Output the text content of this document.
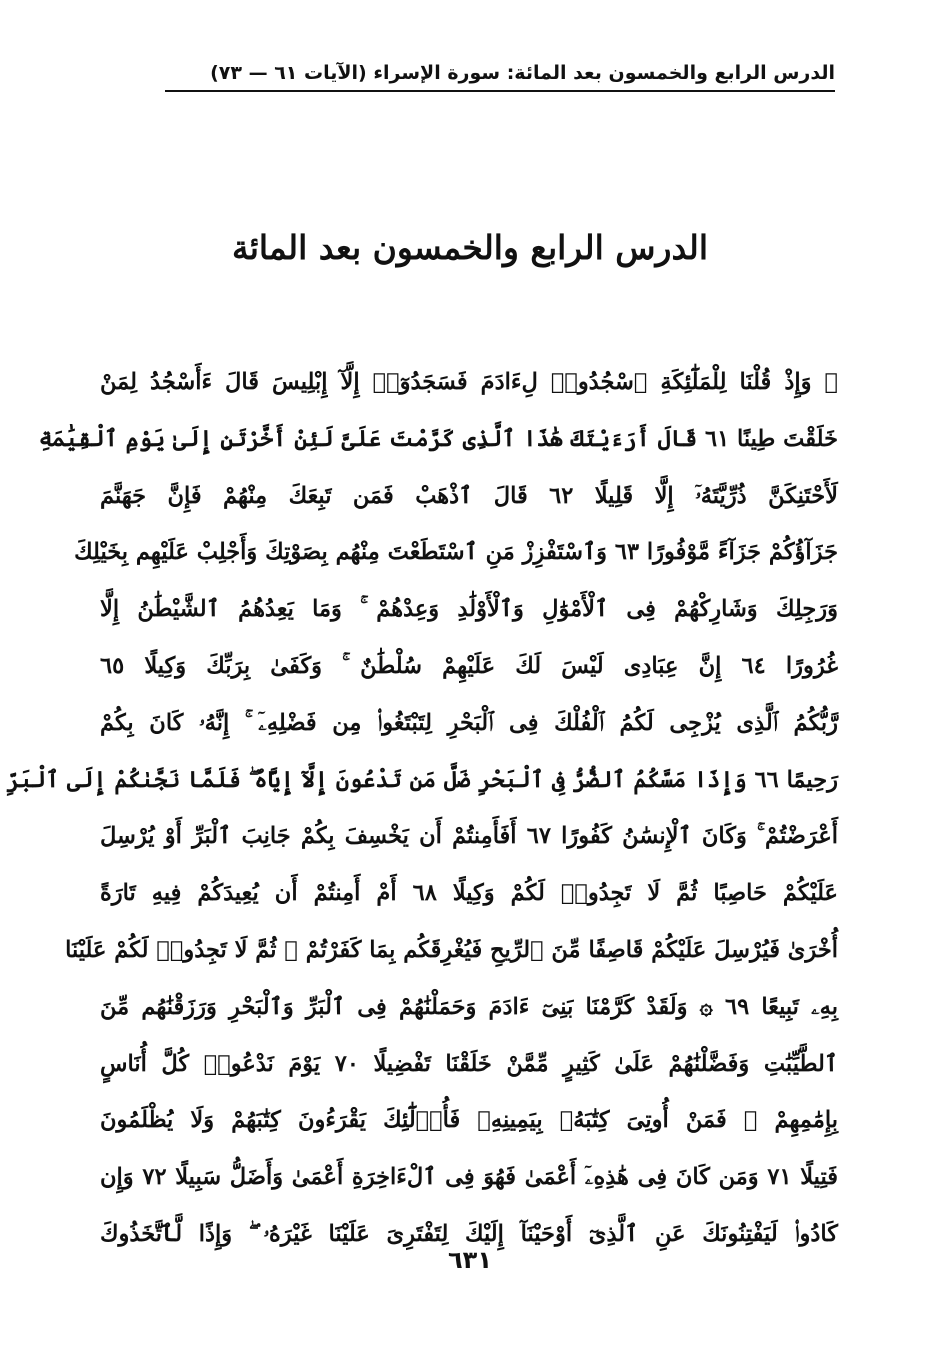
الدرس الرابع والخمسون بعد المائة: سورة الإسراء (الآيات ٦١ — ٧٣)
الدرس الرابع والخمسون بعد المائة
﴿ وَإِذْ قُلْنَا لِلْمَلَٰٓئِكَةِ ٱسْجُدُوا۟ لِءَادَمَ فَسَجَدُوٓا۟ إِلَّآ إِبْلِيسَ قَالَ ءَأَسْجُدُ لِمَنْ
خَلَقْتَ طِينًا ٦١ قَالَ أَرَءَيْتَكَ هَٰذَا ٱلَّذِى كَرَّمْتَ عَلَىَّ لَئِنْ أَخَّرْتَنِ إِلَىٰ يَوْمِ ٱلْقِيَٰمَةِ
لَأَحْتَنِكَنَّ ذُرِّيَّتَهُۥٓ إِلَّا قَلِيلًا ٦٢ قَالَ ٱذْهَبْ فَمَن تَبِعَكَ مِنْهُمْ فَإِنَّ جَهَنَّمَ
جَزَآؤُكُمْ جَزَآءً مَّوْفُورًا ٦٣ وَٱسْتَفْزِزْ مَنِ ٱسْتَطَعْتَ مِنْهُم بِصَوْتِكَ وَأَجْلِبْ عَلَيْهِم بِخَيْلِكَ
وَرَجِلِكَ وَشَارِكْهُمْ فِى ٱلْأَمْوَٰلِ وَٱلْأَوْلَٰدِ وَعِدْهُمْ ۚ وَمَا يَعِدُهُمُ ٱلشَّيْطَٰنُ إِلَّا
غُرُورًا ٦٤ إِنَّ عِبَادِى لَيْسَ لَكَ عَلَيْهِمْ سُلْطَٰنٌ ۚ وَكَفَىٰ بِرَبِّكَ وَكِيلًا ٦٥
رَّبُّكُمُ ٱلَّذِى يُزْجِى لَكُمُ ٱلْفُلْكَ فِى ٱلْبَحْرِ لِتَبْتَغُوا۟ مِن فَضْلِهِۦٓ ۚ إِنَّهُۥ كَانَ بِكُمْ
رَحِيمًا ٦٦ وَإِذَا مَسَّكُمُ ٱلضُّرُّ فِى ٱلْبَحْرِ ضَلَّ مَن تَدْعُونَ إِلَّآ إِيَّاهُ ۖ فَلَمَّا نَجَّىٰكُمْ إِلَى ٱلْبَرِّ
أَعْرَضْتُمْ ۚ وَكَانَ ٱلْإِنسَٰنُ كَفُورًا ٦٧ أَفَأَمِنتُمْ أَن يَخْسِفَ بِكُمْ جَانِبَ ٱلْبَرِّ أَوْ يُرْسِلَ
عَلَيْكُمْ حَاصِبًا ثُمَّ لَا تَجِدُوا۟ لَكُمْ وَكِيلًا ٦٨ أَمْ أَمِنتُمْ أَن يُعِيدَكُمْ فِيهِ تَارَةً
أُخْرَىٰ فَيُرْسِلَ عَلَيْكُمْ قَاصِفًا مِّنَ ٱلرِّيحِ فَيُغْرِقَكُم بِمَا كَفَرْتُمْ ۙ ثُمَّ لَا تَجِدُوا۟ لَكُمْ عَلَيْنَا
بِهِۦ تَبِيعًا ٦٩ ۞ وَلَقَدْ كَرَّمْنَا بَنِىٓ ءَادَمَ وَحَمَلْنَٰهُمْ فِى ٱلْبَرِّ وَٱلْبَحْرِ وَرَزَقْنَٰهُم مِّنَ
ٱلطَّيِّبَٰتِ وَفَضَّلْنَٰهُمْ عَلَىٰ كَثِيرٍ مِّمَّنْ خَلَقْنَا تَفْضِيلًا ٧٠ يَوْمَ نَدْعُوا۟ كُلَّ أُنَاسٍ
بِإِمَٰمِهِمْ ۖ فَمَنْ أُوتِىَ كِتَٰبَهُۥ بِيَمِينِهِۦ فَأُو۟لَٰٓئِكَ يَقْرَءُونَ كِتَٰبَهُمْ وَلَا يُظْلَمُونَ
فَتِيلًا ٧١ وَمَن كَانَ فِى هَٰذِهِۦٓ أَعْمَىٰ فَهُوَ فِى ٱلْءَاخِرَةِ أَعْمَىٰ وَأَضَلُّ سَبِيلًا ٧٢ وَإِن
كَادُوا۟ لَيَفْتِنُونَكَ عَنِ ٱلَّذِىٓ أَوْحَيْنَآ إِلَيْكَ لِتَفْتَرِىَ عَلَيْنَا غَيْرَهُۥ ۖ وَإِذًا لَّٱتَّخَذُوكَ
٦٣١
